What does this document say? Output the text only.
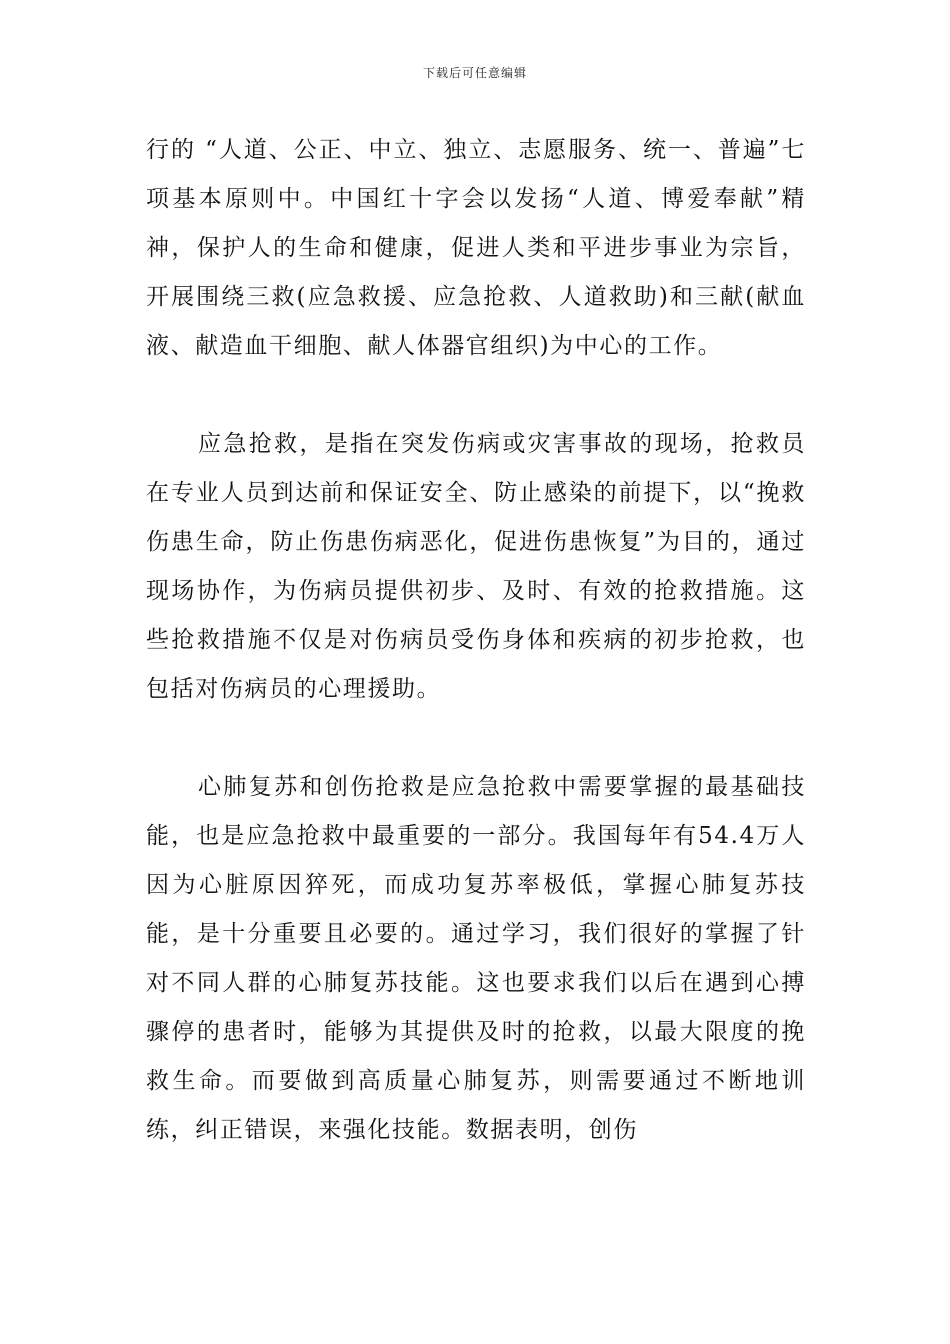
下载后可任意编辑

行的 “人道、公正、中立、独立、志愿服务、统一、普遍”七项基本原则中。中国红十字会以发扬“人道、博爱奉献”精神，保护人的生命和健康，促进人类和平进步事业为宗旨，开展围绕三救(应急救援、应急抢救、人道救助)和三献(献血液、献造血干细胞、献人体器官组织)为中心的工作。

应急抢救，是指在突发伤病或灾害事故的现场，抢救员在专业人员到达前和保证安全、防止感染的前提下，以“挽救伤患生命，防止伤患伤病恶化，促进伤患恢复”为目的，通过现场协作，为伤病员提供初步、及时、有效的抢救措施。这些抢救措施不仅是对伤病员受伤身体和疾病的初步抢救，也包括对伤病员的心理援助。

心肺复苏和创伤抢救是应急抢救中需要掌握的最基础技能，也是应急抢救中最重要的一部分。我国每年有54.4万人因为心脏原因猝死，而成功复苏率极低，掌握心肺复苏技能，是十分重要且必要的。通过学习，我们很好的掌握了针对不同人群的心肺复苏技能。这也要求我们以后在遇到心搏骤停的患者时，能够为其提供及时的抢救，以最大限度的挽救生命。而要做到高质量心肺复苏，则需要通过不断地训练，纠正错误，来强化技能。数据表明，创伤
